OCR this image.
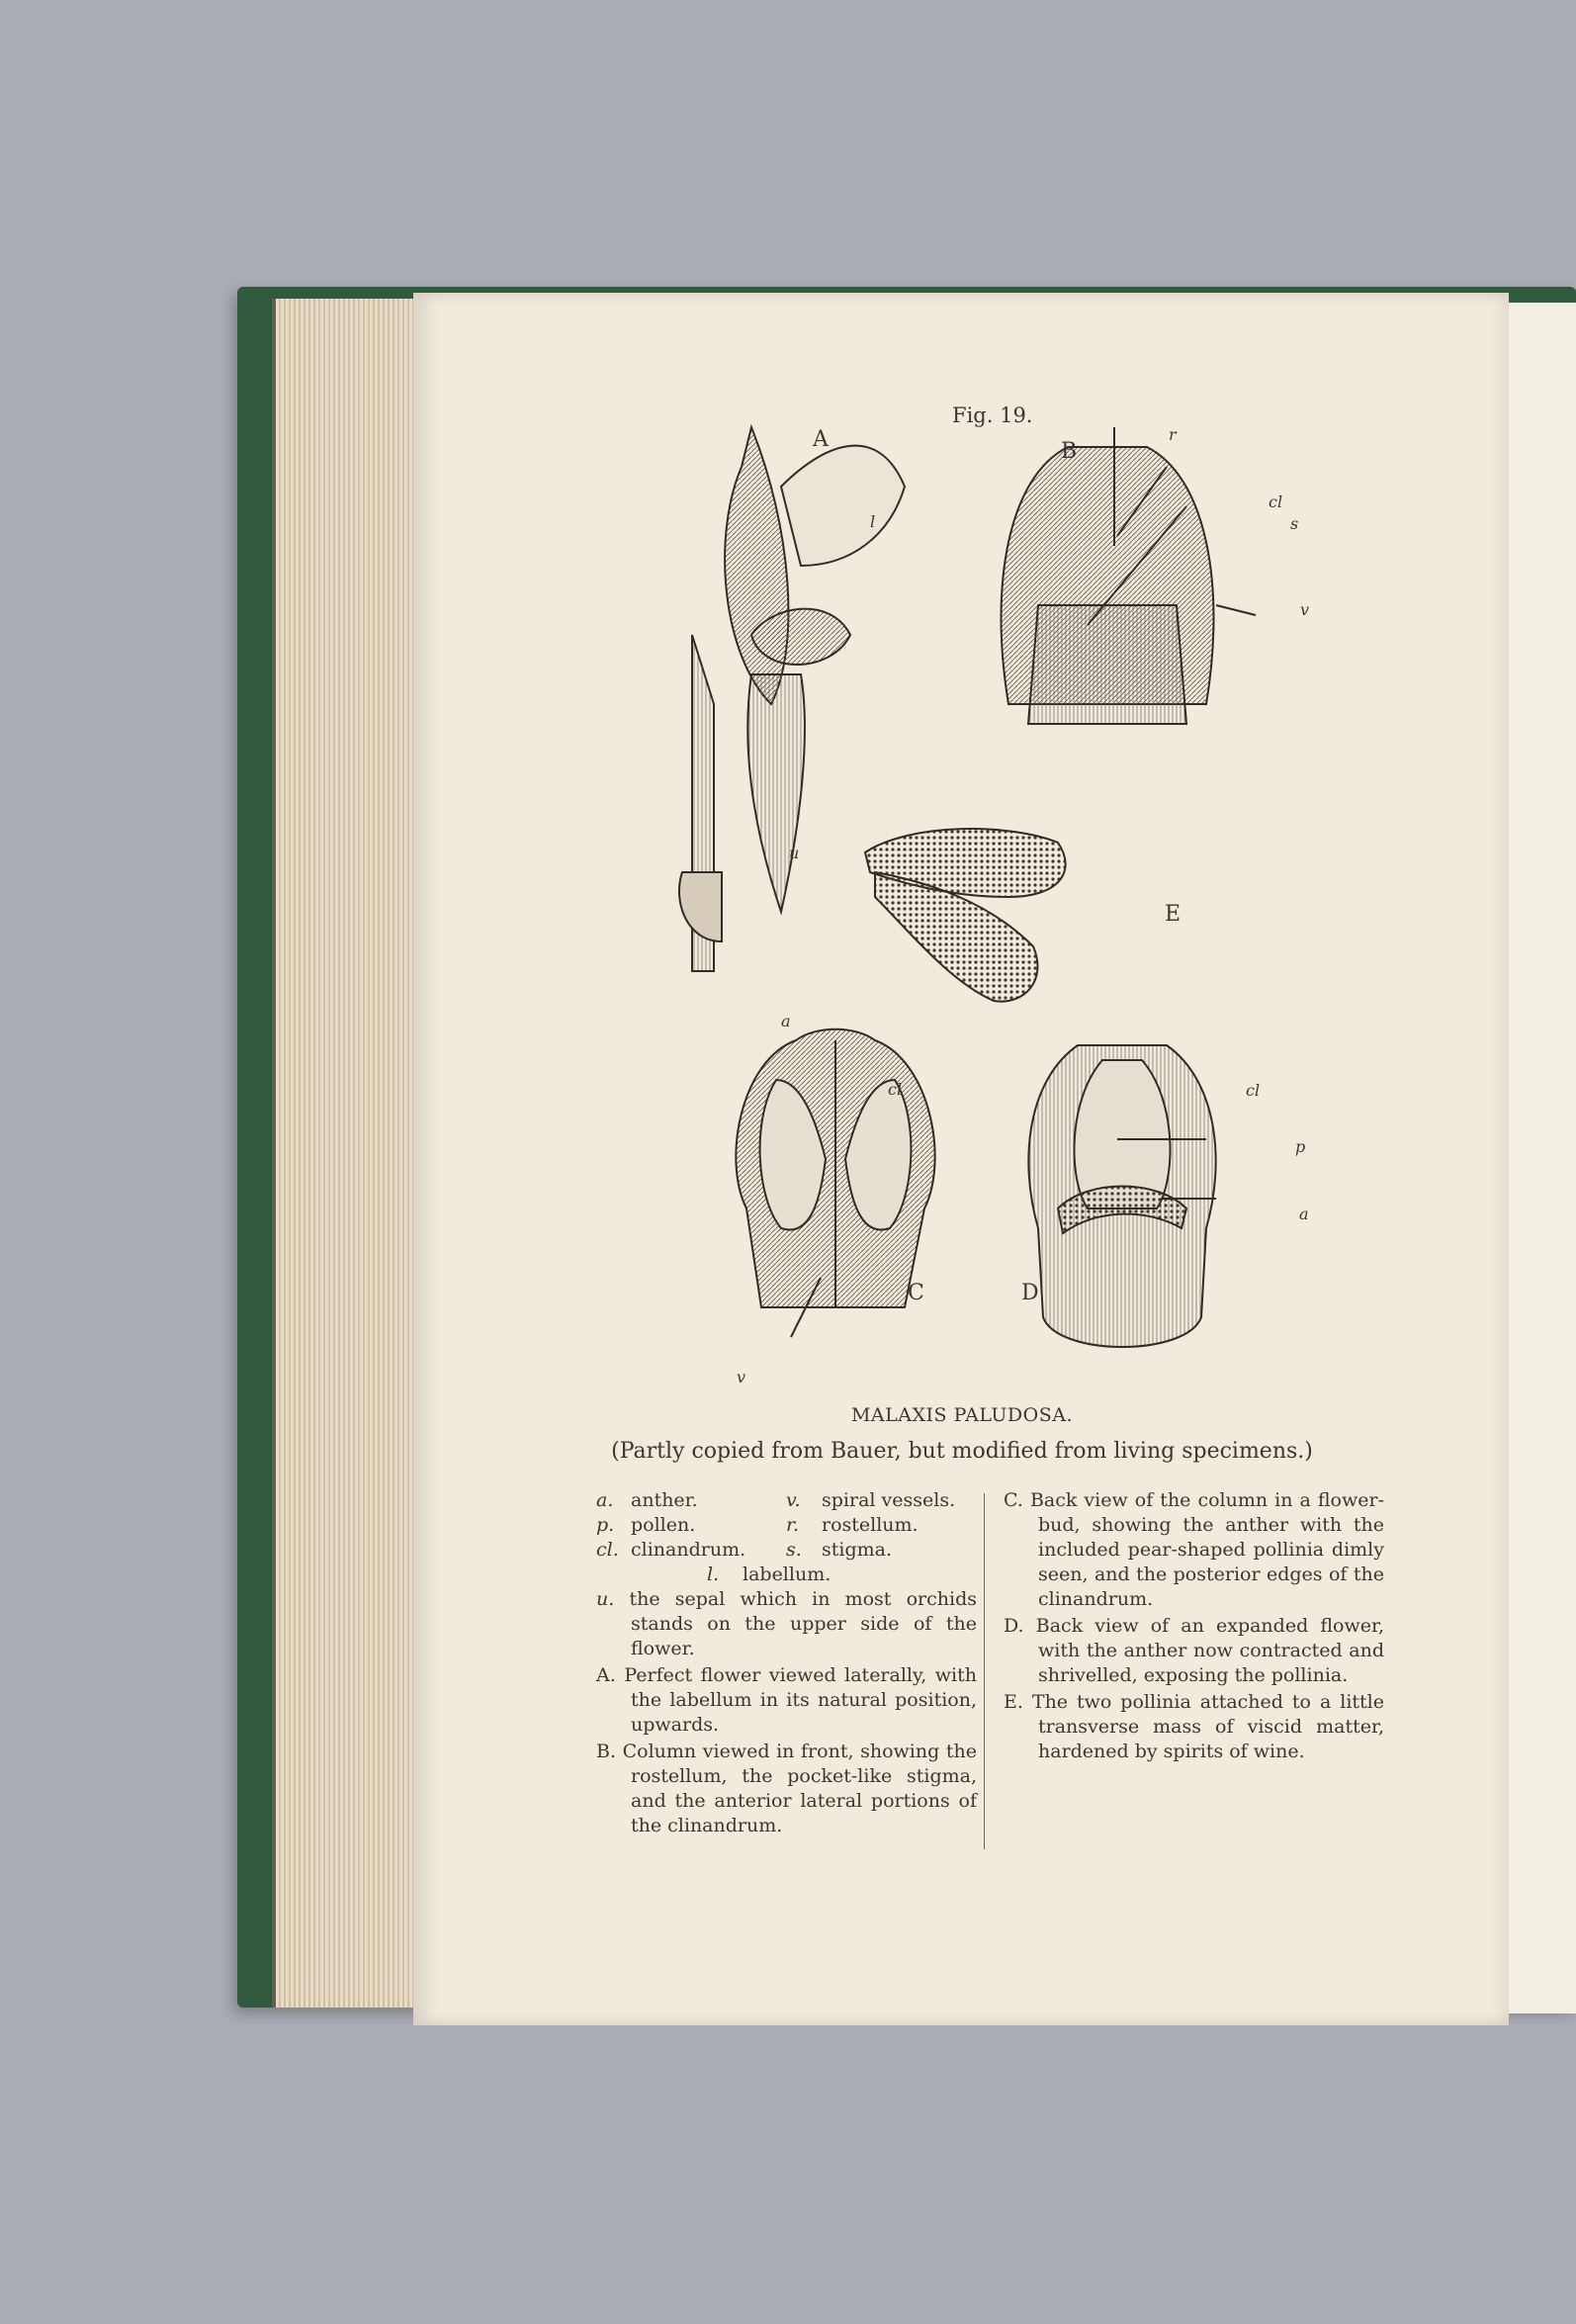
Fig. 19.
A	B
C	D
E
r
cl
s
v
l
u
a
cl
v
cl
p
a
MALAXIS PALUDOSA.
(Partly copied from Bauer, but modified from living specimens.)
a. anther.	v. spiral vessels.
p. pollen.	r. rostellum.
cl. clinandrum. s. stigma.
l. labellum.
u. the sepal which in most orchids stands on the upper side of the flower.
A. Perfect flower viewed laterally, with the labellum in its natural position, upwards.
B. Column viewed in front, showing the rostellum, the pocket-like stigma, and the anterior lateral portions of the clinandrum.
C. Back view of the column in a flower-bud, showing the anther with the included pear-shaped pollinia dimly seen, and the posterior edges of the clinandrum.
D. Back view of an expanded flower, with the anther now contracted and shrivelled, exposing the pollinia.
E. The two pollinia attached to a little transverse mass of viscid matter, hardened by spirits of wine.
